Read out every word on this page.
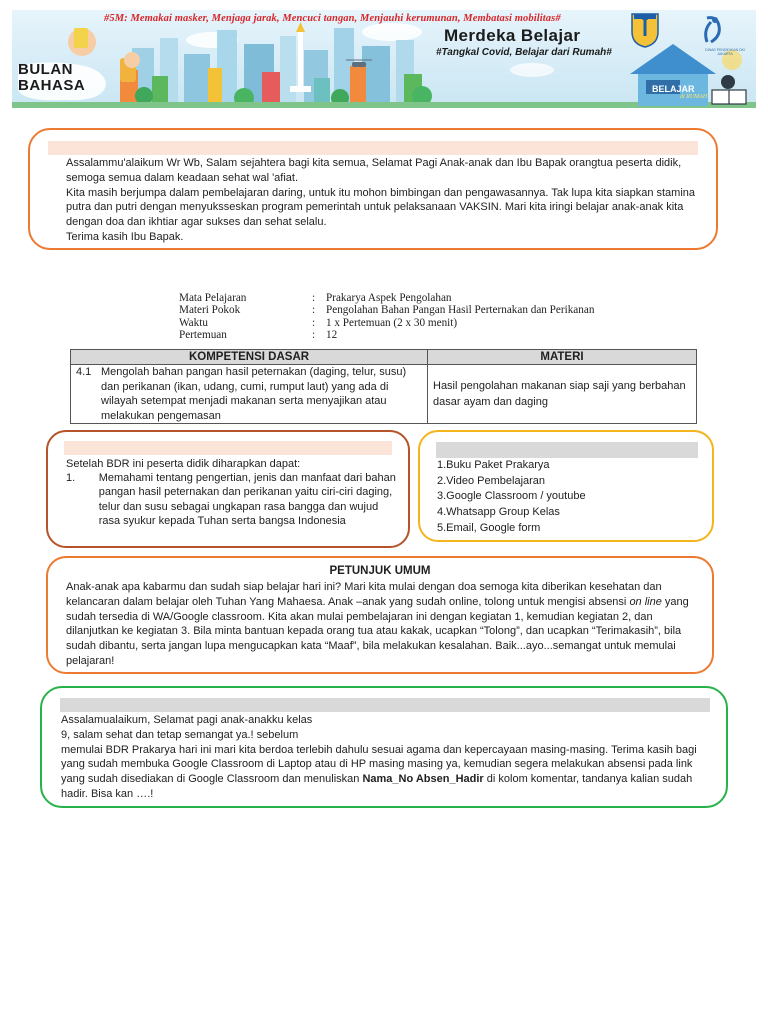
#5M: Memakai masker, Menjaga jarak, Mencuci tangan, Menjauhi kerumunan, Membatasi mobilitas#
BULAN
BAHASA
Merdeka Belajar
#Tangkal Covid, Belajar dari Rumah#	DINAS PENDIDIKAN DKI JAKARTA
BELAJAR
di RUMAH

Assalammu'alaikum Wr Wb, Salam sejahtera bagi kita semua, Selamat Pagi Anak-anak dan Ibu Bapak orangtua peserta didik, semoga semua dalam keadaan sehat wal 'afiat.

Kita masih berjumpa dalam pembelajaran daring, untuk itu mohon bimbingan dan pengawasannya. Tak lupa kita siapkan stamina putra dan putri dengan menyuksseskan program pemerintah untuk pelaksanaan VAKSIN. Mari kita iringi belajar anak-anak kita dengan doa dan ikhtiar agar sukses dan sehat selalu.

Terima kasih Ibu Bapak.

Mata Pelajaran	: Prakarya Aspek Pengolahan
Materi Pokok	: Pengolahan Bahan Pangan Hasil Perternakan dan Perikanan
Waktu	: 1 x Pertemuan (2 x 30 menit)
Pertemuan	: 12
KOMPETENSI DASAR	MATERI

4.1 Mengolah bahan pangan hasil peternakan (daging, telur, susu) dan perikanan (ikan, udang, cumi, rumput laut) yang ada di wilayah setempat menjadi makanan serta menyajikan atau melakukan pengemasan	Hasil pengolahan makanan siap saji yang berbahan dasar ayam dan daging
Setelah BDR ini peserta didik diharapkan dapat:
1.	Memahami tentang pengertian, jenis dan manfaat dari bahan pangan hasil peternakan dan perikanan yaitu ciri-ciri daging, telur dan susu sebagai ungkapan rasa bangga dan wujud rasa syukur kepada Tuhan serta bangsa Indonesia
1.Buku Paket Prakarya
2.Video Pembelajaran
3.Google Classroom / youtube
4.Whatsapp Group Kelas
5.Email, Google form
PETUNJUK UMUM

Anak-anak apa kabarmu dan sudah siap belajar hari ini? Mari kita mulai dengan doa semoga kita diberikan kesehatan dan kelancaran dalam belajar oleh Tuhan Yang Mahaesa. Anak –anak yang sudah online, tolong untuk mengisi absensi on line yang sudah tersedia di WA/Google classroom. Kita akan mulai pembelajaran ini dengan kegiatan 1, kemudian kegiatan 2, dan dilanjutkan ke kegiatan 3. Bila minta bantuan kepada orang tua atau kakak, ucapkan “Tolong”, dan ucapkan “Terimakasih”, bila sudah dibantu, serta jangan lupa mengucapkan kata “Maaf”, bila melakukan kesalahan. Baik...ayo...semangat untuk memulai pelajaran!

Assalamualaikum, Selamat pagi anak-anakku kelas

9, salam sehat dan tetap semangat ya.! sebelum

memulai BDR Prakarya hari ini mari kita berdoa terlebih dahulu sesuai agama dan kepercayaan masing-masing. Terima kasih bagi yang sudah membuka Google Classroom di Laptop atau di HP masing masing ya, kemudian segera melakukan absensi pada link yang sudah disediakan di Google Classroom dan menuliskan Nama_No Absen_Hadir di kolom komentar, tandanya kalian sudah hadir. Bisa kan ….!
